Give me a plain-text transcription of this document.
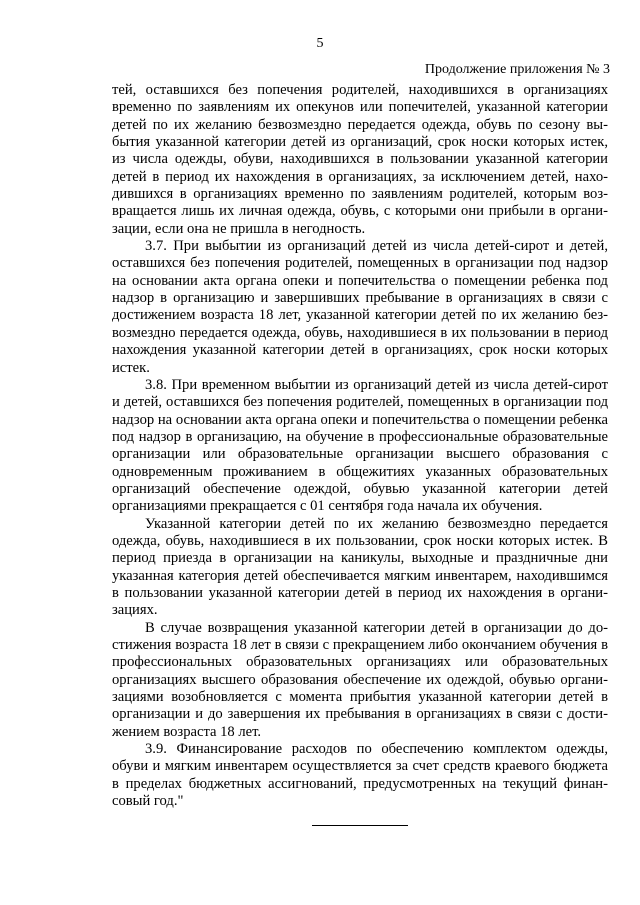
5
Продолжение приложения № 3

тей, оставшихся без попечения родителей, находившихся в организациях временно по заявлениям их опекунов или попечителей, указанной категории детей по их желанию безвозмездно передается одежда, обувь по сезону выбытия указанной категории детей из организаций, срок носки которых истек, из числа одежды, обуви, находившихся в пользовании указанной категории детей в период их нахождения в организациях, за исключением детей, находившихся в организациях временно по заявлениям родителей, которым возвращается лишь их личная одежда, обувь, с которыми они прибыли в организации, если она не пришла в негодность.

3.7. При выбытии из организаций детей из числа детей-сирот и детей, оставшихся без попечения родителей, помещенных в организации под надзор на основании акта органа опеки и попечительства о помещении ребенка под надзор в организацию и завершивших пребывание в организациях в связи с достижением возраста 18 лет, указанной категории детей по их желанию безвозмездно передается одежда, обувь, находившиеся в их пользовании в период нахождения указанной категории детей в организациях, срок носки которых истек.

3.8. При временном выбытии из организаций детей из числа детей-сирот и детей, оставшихся без попечения родителей, помещенных в организации под надзор на основании акта органа опеки и попечительства о помещении ребенка под надзор в организацию, на обучение в профессиональные образовательные организации или образовательные организации высшего образования с одновременным проживанием в общежитиях указанных образовательных организаций обеспечение одеждой, обувью указанной категории детей организациями прекращается с 01 сентября года начала их обучения.

Указанной категории детей по их желанию безвозмездно передается одежда, обувь, находившиеся в их пользовании, срок носки которых истек. В период приезда в организации на каникулы, выходные и праздничные дни указанная категория детей обеспечивается мягким инвентарем, находившимся в пользовании указанной категории детей в период их нахождения в организациях.

В случае возвращения указанной категории детей в организации до достижения возраста 18 лет в связи с прекращением либо окончанием обучения в профессиональных образовательных организациях или образовательных организациях высшего образования обеспечение их одеждой, обувью организациями возобновляется с момента прибытия указанной категории детей в организации и до завершения их пребывания в организациях в связи с достижением возраста 18 лет.

3.9. Финансирование расходов по обеспечению комплектом одежды, обуви и мягким инвентарем осуществляется за счет средств краевого бюджета в пределах бюджетных ассигнований, предусмотренных на текущий финансовый год."
